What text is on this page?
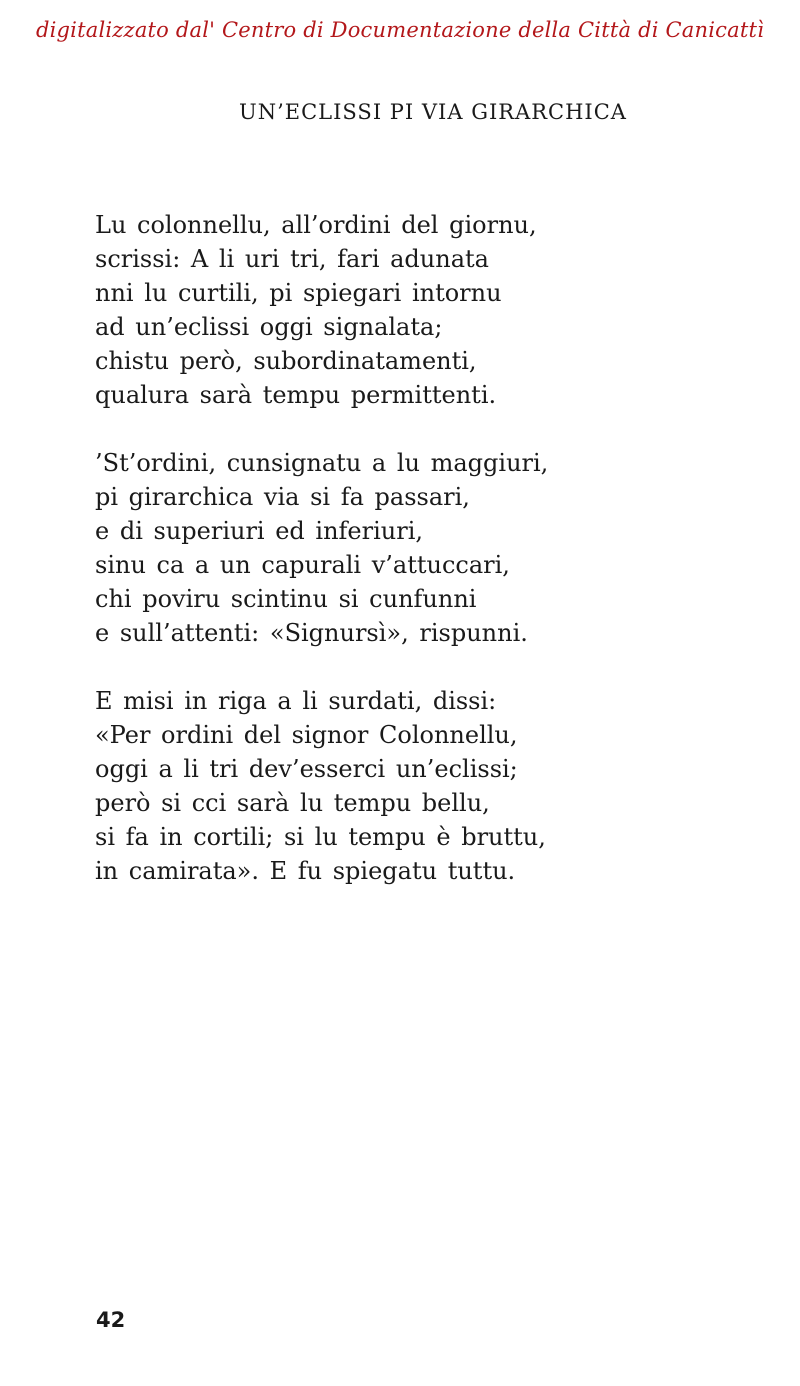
digitalizzato dal' Centro di Documentazione della Città di Canicattì
UN’ECLISSI PI VIA GIRARCHICA

Lu colonnellu, all’ordini del giornu,
scrissi: A li uri tri, fari adunata
nni lu curtili, pi spiegari intornu
ad un’eclissi oggi signalata;
chistu però, subordinatamenti,
qualura sarà tempu permittenti.

’St’ordini, cunsignatu a lu maggiuri,
pi girarchica via si fa passari,
e di superiuri ed inferiuri,
sinu ca a un capurali v’attuccari,
chi poviru scintinu si cunfunni
e sull’attenti: «Signursì», rispunni.

E misi in riga a li surdati, dissi:
«Per ordini del signor Colonnellu,
oggi a li tri dev’esserci un’eclissi;
però si cci sarà lu tempu bellu,
si fa in cortili; si lu tempu è bruttu,
in camirata». E fu spiegatu tuttu.

42
